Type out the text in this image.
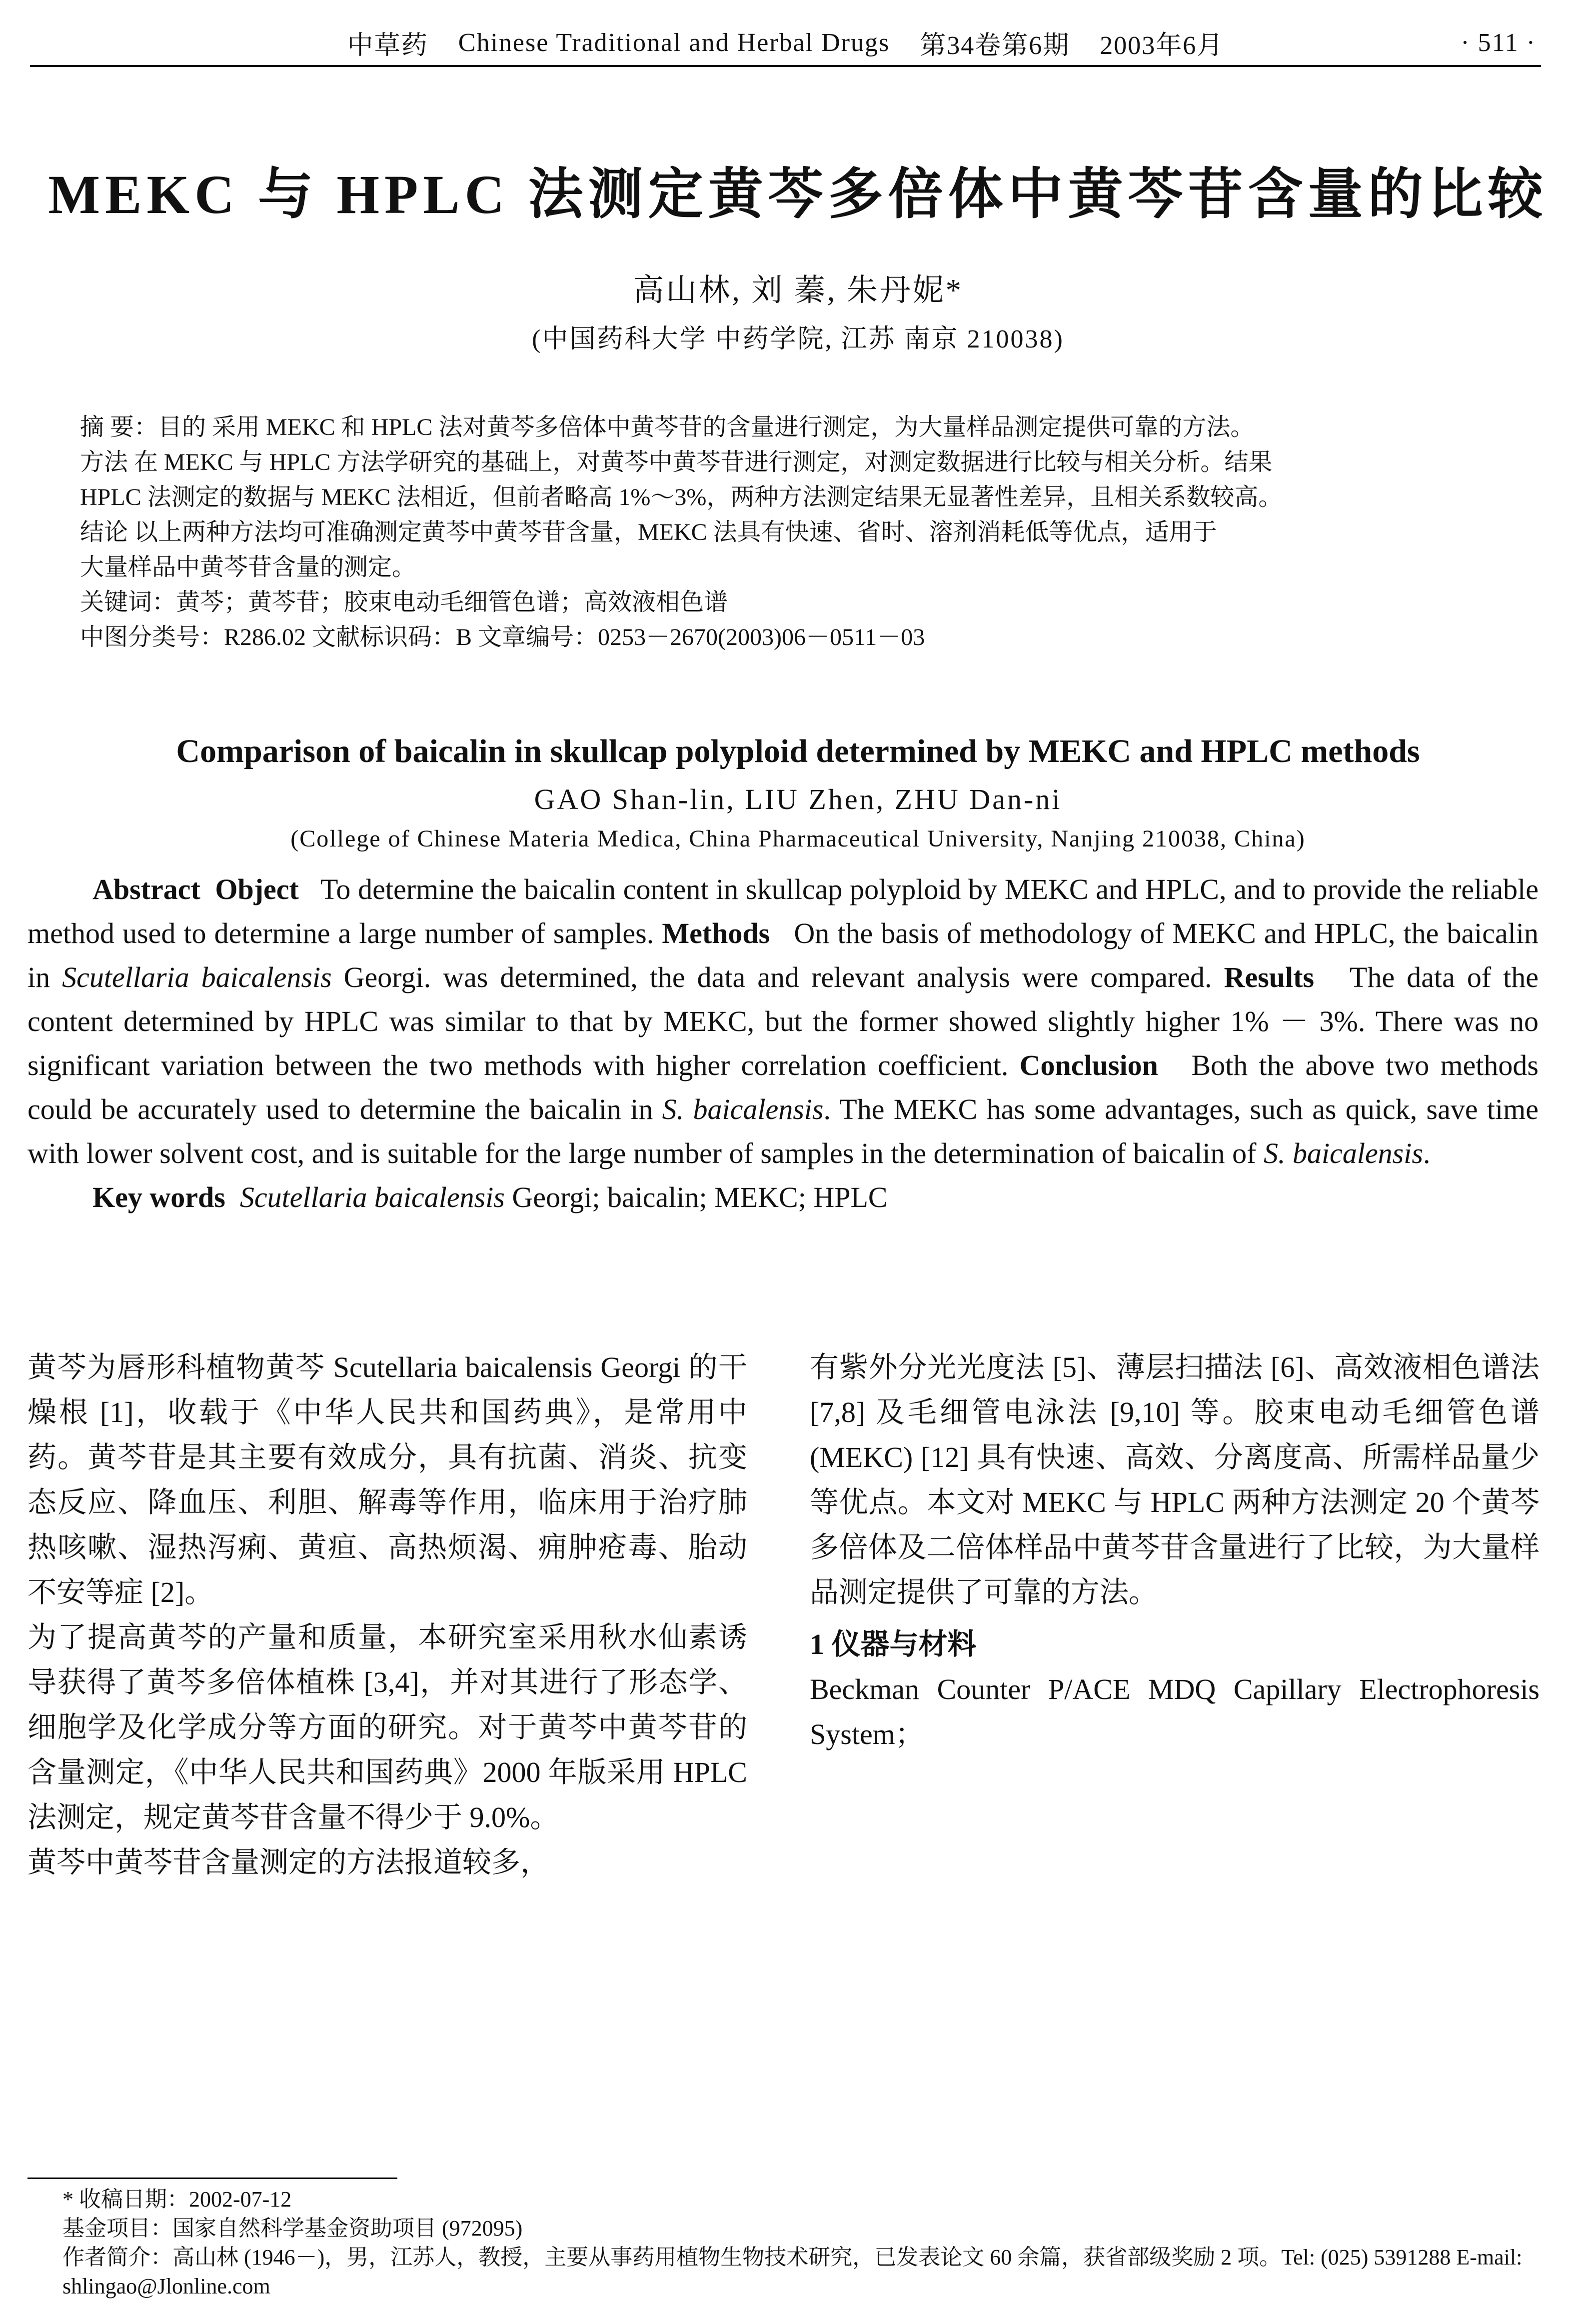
中草药 Chinese Traditional and Herbal Drugs 第34卷第6期 2003年6月	· 511 ·
MEKC 与 HPLC 法测定黄芩多倍体中黄芩苷含量的比较
高山林, 刘 蓁, 朱丹妮*
(中国药科大学 中药学院, 江苏 南京 210038)

摘 要：目的 采用 MEKC 和 HPLC 法对黄芩多倍体中黄芩苷的含量进行测定，为大量样品测定提供可靠的方法。

方法 在 MEKC 与 HPLC 方法学研究的基础上，对黄芩中黄芩苷进行测定，对测定数据进行比较与相关分析。结果

HPLC 法测定的数据与 MEKC 法相近，但前者略高 1%～3%，两种方法测定结果无显著性差异，且相关系数较高。

结论 以上两种方法均可准确测定黄芩中黄芩苷含量，MEKC 法具有快速、省时、溶剂消耗低等优点，适用于

大量样品中黄芩苷含量的测定。

关键词：黄芩；黄芩苷；胶束电动毛细管色谱；高效液相色谱

中图分类号：R286.02 文献标识码：B 文章编号：0253－2670(2003)06－0511－03

Comparison of baicalin in skullcap polyploid determined by MEKC and HPLC methods
GAO Shan-lin, LIU Zhen, ZHU Dan-ni
(College of Chinese Materia Medica, China Pharmaceutical University, Nanjing 210038, China)

Abstract Object To determine the baicalin content in skullcap polyploid by MEKC and HPLC, and to provide the reliable method used to determine a large number of samples. Methods On the basis of methodology of MEKC and HPLC, the baicalin in Scutellaria baicalensis Georgi. was determined, the data and relevant analysis were compared. Results The data of the content determined by HPLC was similar to that by MEKC, but the former showed slightly higher 1% － 3%. There was no significant variation between the two methods with higher correlation coefficient. Conclusion Both the above two methods could be accurately used to determine the baicalin in S. baicalensis. The MEKC has some advantages, such as quick, save time with lower solvent cost, and is suitable for the large number of samples in the determination of baicalin of S. baicalensis.

Key words Scutellaria baicalensis Georgi; baicalin; MEKC; HPLC

黄芩为唇形科植物黄芩 Scutellaria baicalensis Georgi 的干燥根 [1]，收载于《中华人民共和国药典》，是常用中药。黄芩苷是其主要有效成分，具有抗菌、消炎、抗变态反应、降血压、利胆、解毒等作用，临床用于治疗肺热咳嗽、湿热泻痢、黄疸、高热烦渴、痈肿疮毒、胎动不安等症 [2]。

为了提高黄芩的产量和质量，本研究室采用秋水仙素诱导获得了黄芩多倍体植株 [3,4]，并对其进行了形态学、细胞学及化学成分等方面的研究。对于黄芩中黄芩苷的含量测定，《中华人民共和国药典》2000 年版采用 HPLC 法测定，规定黄芩苷含量不得少于 9.0%。

黄芩中黄芩苷含量测定的方法报道较多，

有紫外分光光度法 [5]、薄层扫描法 [6]、高效液相色谱法 [7,8] 及毛细管电泳法 [9,10] 等。胶束电动毛细管色谱 (MEKC) [12] 具有快速、高效、分离度高、所需样品量少等优点。本文对 MEKC 与 HPLC 两种方法测定 20 个黄芩多倍体及二倍体样品中黄芩苷含量进行了比较，为大量样品测定提供了可靠的方法。

1 仪器与材料

Beckman Counter P/ACE MDQ Capillary Electrophoresis System；

* 收稿日期：2002-07-12

基金项目：国家自然科学基金资助项目 (972095)

作者简介：高山林 (1946－)，男，江苏人，教授，主要从事药用植物生物技术研究，已发表论文 60 余篇，获省部级奖励 2 项。Tel: (025) 5391288 E-mail: shlingao@Jlonline.com
